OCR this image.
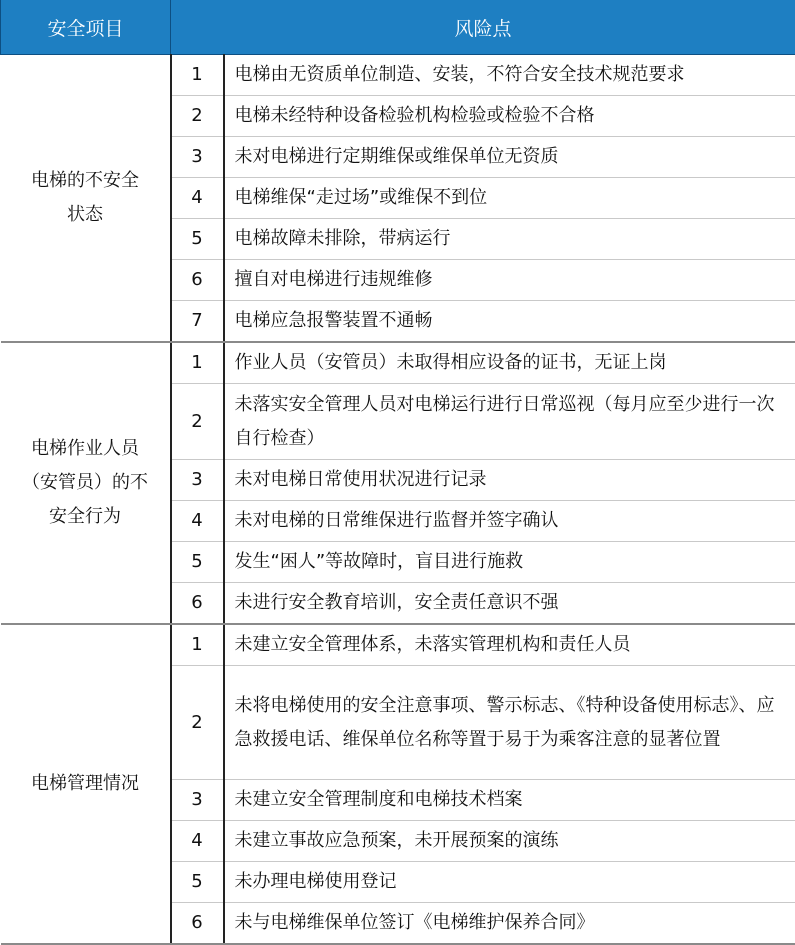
安全项目	风险点	

电梯的不安全
状态	1	电梯由无资质单位制造、安装，不符合安全技术规范要求
	2	电梯未经特种设备检验机构检验或检验不合格
	3	未对电梯进行定期维保或维保单位无资质
	4	电梯维保“走过场”或维保不到位
	5	电梯故障未排除，带病运行
	6	擅自对电梯进行违规维修
	7	电梯应急报警装置不通畅

电梯作业人员
（安管员）的不
安全行为	1	作业人员（安管员）未取得相应设备的证书，无证上岗
	2	未落实安全管理人员对电梯运行进行日常巡视（每月应至少进行一次自行检查）
	3	未对电梯日常使用状况进行记录
	4	未对电梯的日常维保进行监督并签字确认
	5	发生“困人”等故障时，盲目进行施救
	6	未进行安全教育培训，安全责任意识不强

电梯管理情况	1	未建立安全管理体系，未落实管理机构和责任人员
	2	未将电梯使用的安全注意事项、警示标志、《特种设备使用标志》、应急救援电话、维保单位名称等置于易于为乘客注意的显著位置
	3	未建立安全管理制度和电梯技术档案
	4	未建立事故应急预案，未开展预案的演练
	5	未办理电梯使用登记
	6	未与电梯维保单位签订《电梯维护保养合同》
